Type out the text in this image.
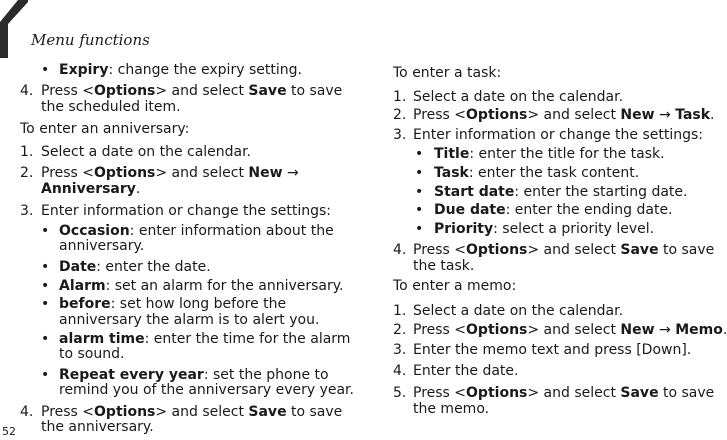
Menu functions
• Expiry: change the expiry setting.
4. Press <Options> and select Save to save
the scheduled item.
To enter an anniversary:
1. Select a date on the calendar.
2. Press <Options> and select New →
Anniversary.
3. Enter information or change the settings:
• Occasion: enter information about the
anniversary.
• Date: enter the date.
• Alarm: set an alarm for the anniversary.
• before: set how long before the
anniversary the alarm is to alert you.
• alarm time: enter the time for the alarm
to sound.
• Repeat every year: set the phone to
remind you of the anniversary every year.
4. Press <Options> and select Save to save
the anniversary.
To enter a task:
1. Select a date on the calendar.
2. Press <Options> and select New → Task.
3. Enter information or change the settings:
• Title: enter the title for the task.
• Task: enter the task content.
• Start date: enter the starting date.
• Due date: enter the ending date.
• Priority: select a priority level.
4. Press <Options> and select Save to save
the task.
To enter a memo:
1. Select a date on the calendar.
2. Press <Options> and select New → Memo.
3. Enter the memo text and press [Down].
4. Enter the date.
5. Press <Options> and select Save to save
the memo.
52
